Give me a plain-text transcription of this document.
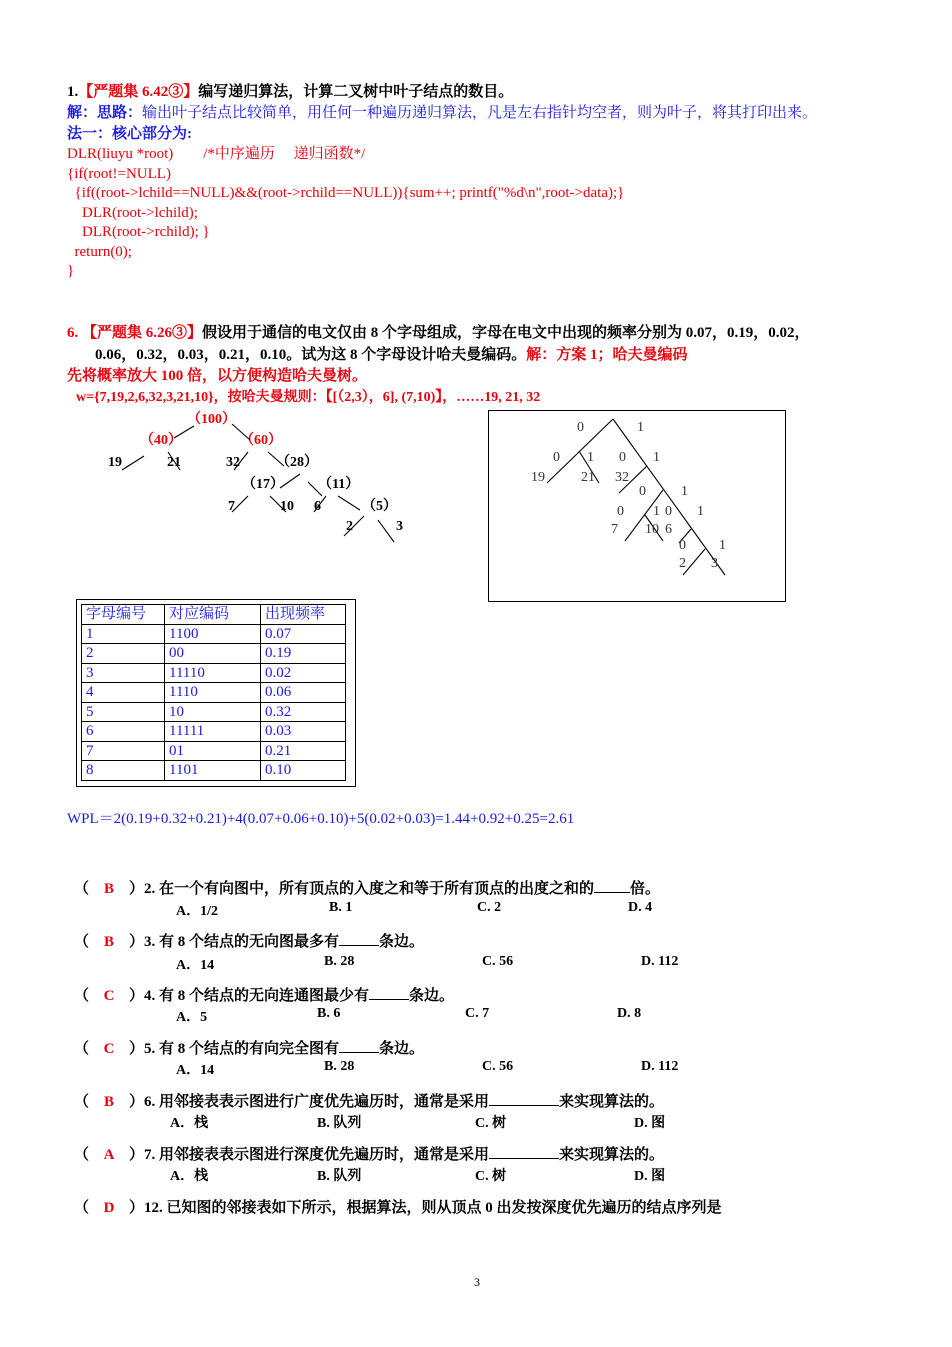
1.【严题集 6.42③】编写递归算法，计算二叉树中叶子结点的数目。
解：思路：输出叶子结点比较简单，用任何一种遍历递归算法，凡是左右指针均空者，则为叶子，将其打印出来。
法一：核心部分为:
DLR(liuyu *root)        /*中序遍历     递归函数*/
{if(root!=NULL)
{if((root->lchild==NULL)&&(root->rchild==NULL)){sum++; printf("%d\n",root->data);}
DLR(root->lchild);
DLR(root->rchild); }
return(0);
}
6. 【严题集 6.26③】假设用于通信的电文仅由 8 个字母组成，字母在电文中出现的频率分别为 0.07，0.19，0.02，
0.06，0.32，0.03，0.21，0.10。试为这 8 个字母设计哈夫曼编码。解：方案 1；哈夫曼编码
先将概率放大 100 倍，以方便构造哈夫曼树。
w={7,19,2,6,32,3,21,10}，按哈夫曼规则：【[（2,3），6], (7,10)】，……19, 21, 32
（100）
（40）	（60）
19	21	32	（28）
（17） （11）
7	10 6	（5）
2	3
0	1
0 1 0 1
19	21 32
0	1
0 1 0 1
7 10 6
0 1
2 3
字母编号	对应编码	出现频率
1	1100	0.07
2	00	0.19
3	11110	0.02
4	1110	0.06
5	10	0.32
6	11111	0.03
7	01	0.21
8	1101	0.10
WPL＝2(0.19+0.32+0.21)+4(0.07+0.06+0.10)+5(0.02+0.03)=1.44+0.92+0.25=2.61
（ B ）2. 在一个有向图中，所有顶点的入度之和等于所有顶点的出度之和的 倍。
A．1/2	B. 1	C. 2	D. 4
（ B ）3. 有 8 个结点的无向图最多有	条边。
A．14	B. 28	C. 56	D. 112
（ C ）4. 有 8 个结点的无向连通图最少有	条边。
A．5	B. 6	C. 7	D. 8
（ C ）5. 有 8 个结点的有向完全图有	条边。
A．14	B. 28	C. 56	D. 112
（ B ）6. 用邻接表表示图进行广度优先遍历时，通常是采用	来实现算法的。
A．栈	B. 队列	C. 树	D. 图
（ A ）7. 用邻接表表示图进行深度优先遍历时，通常是采用	来实现算法的。
A．栈	B. 队列	C. 树	D. 图
（ D ）12. 已知图的邻接表如下所示，根据算法，则从顶点 0 出发按深度优先遍历的结点序列是
3
